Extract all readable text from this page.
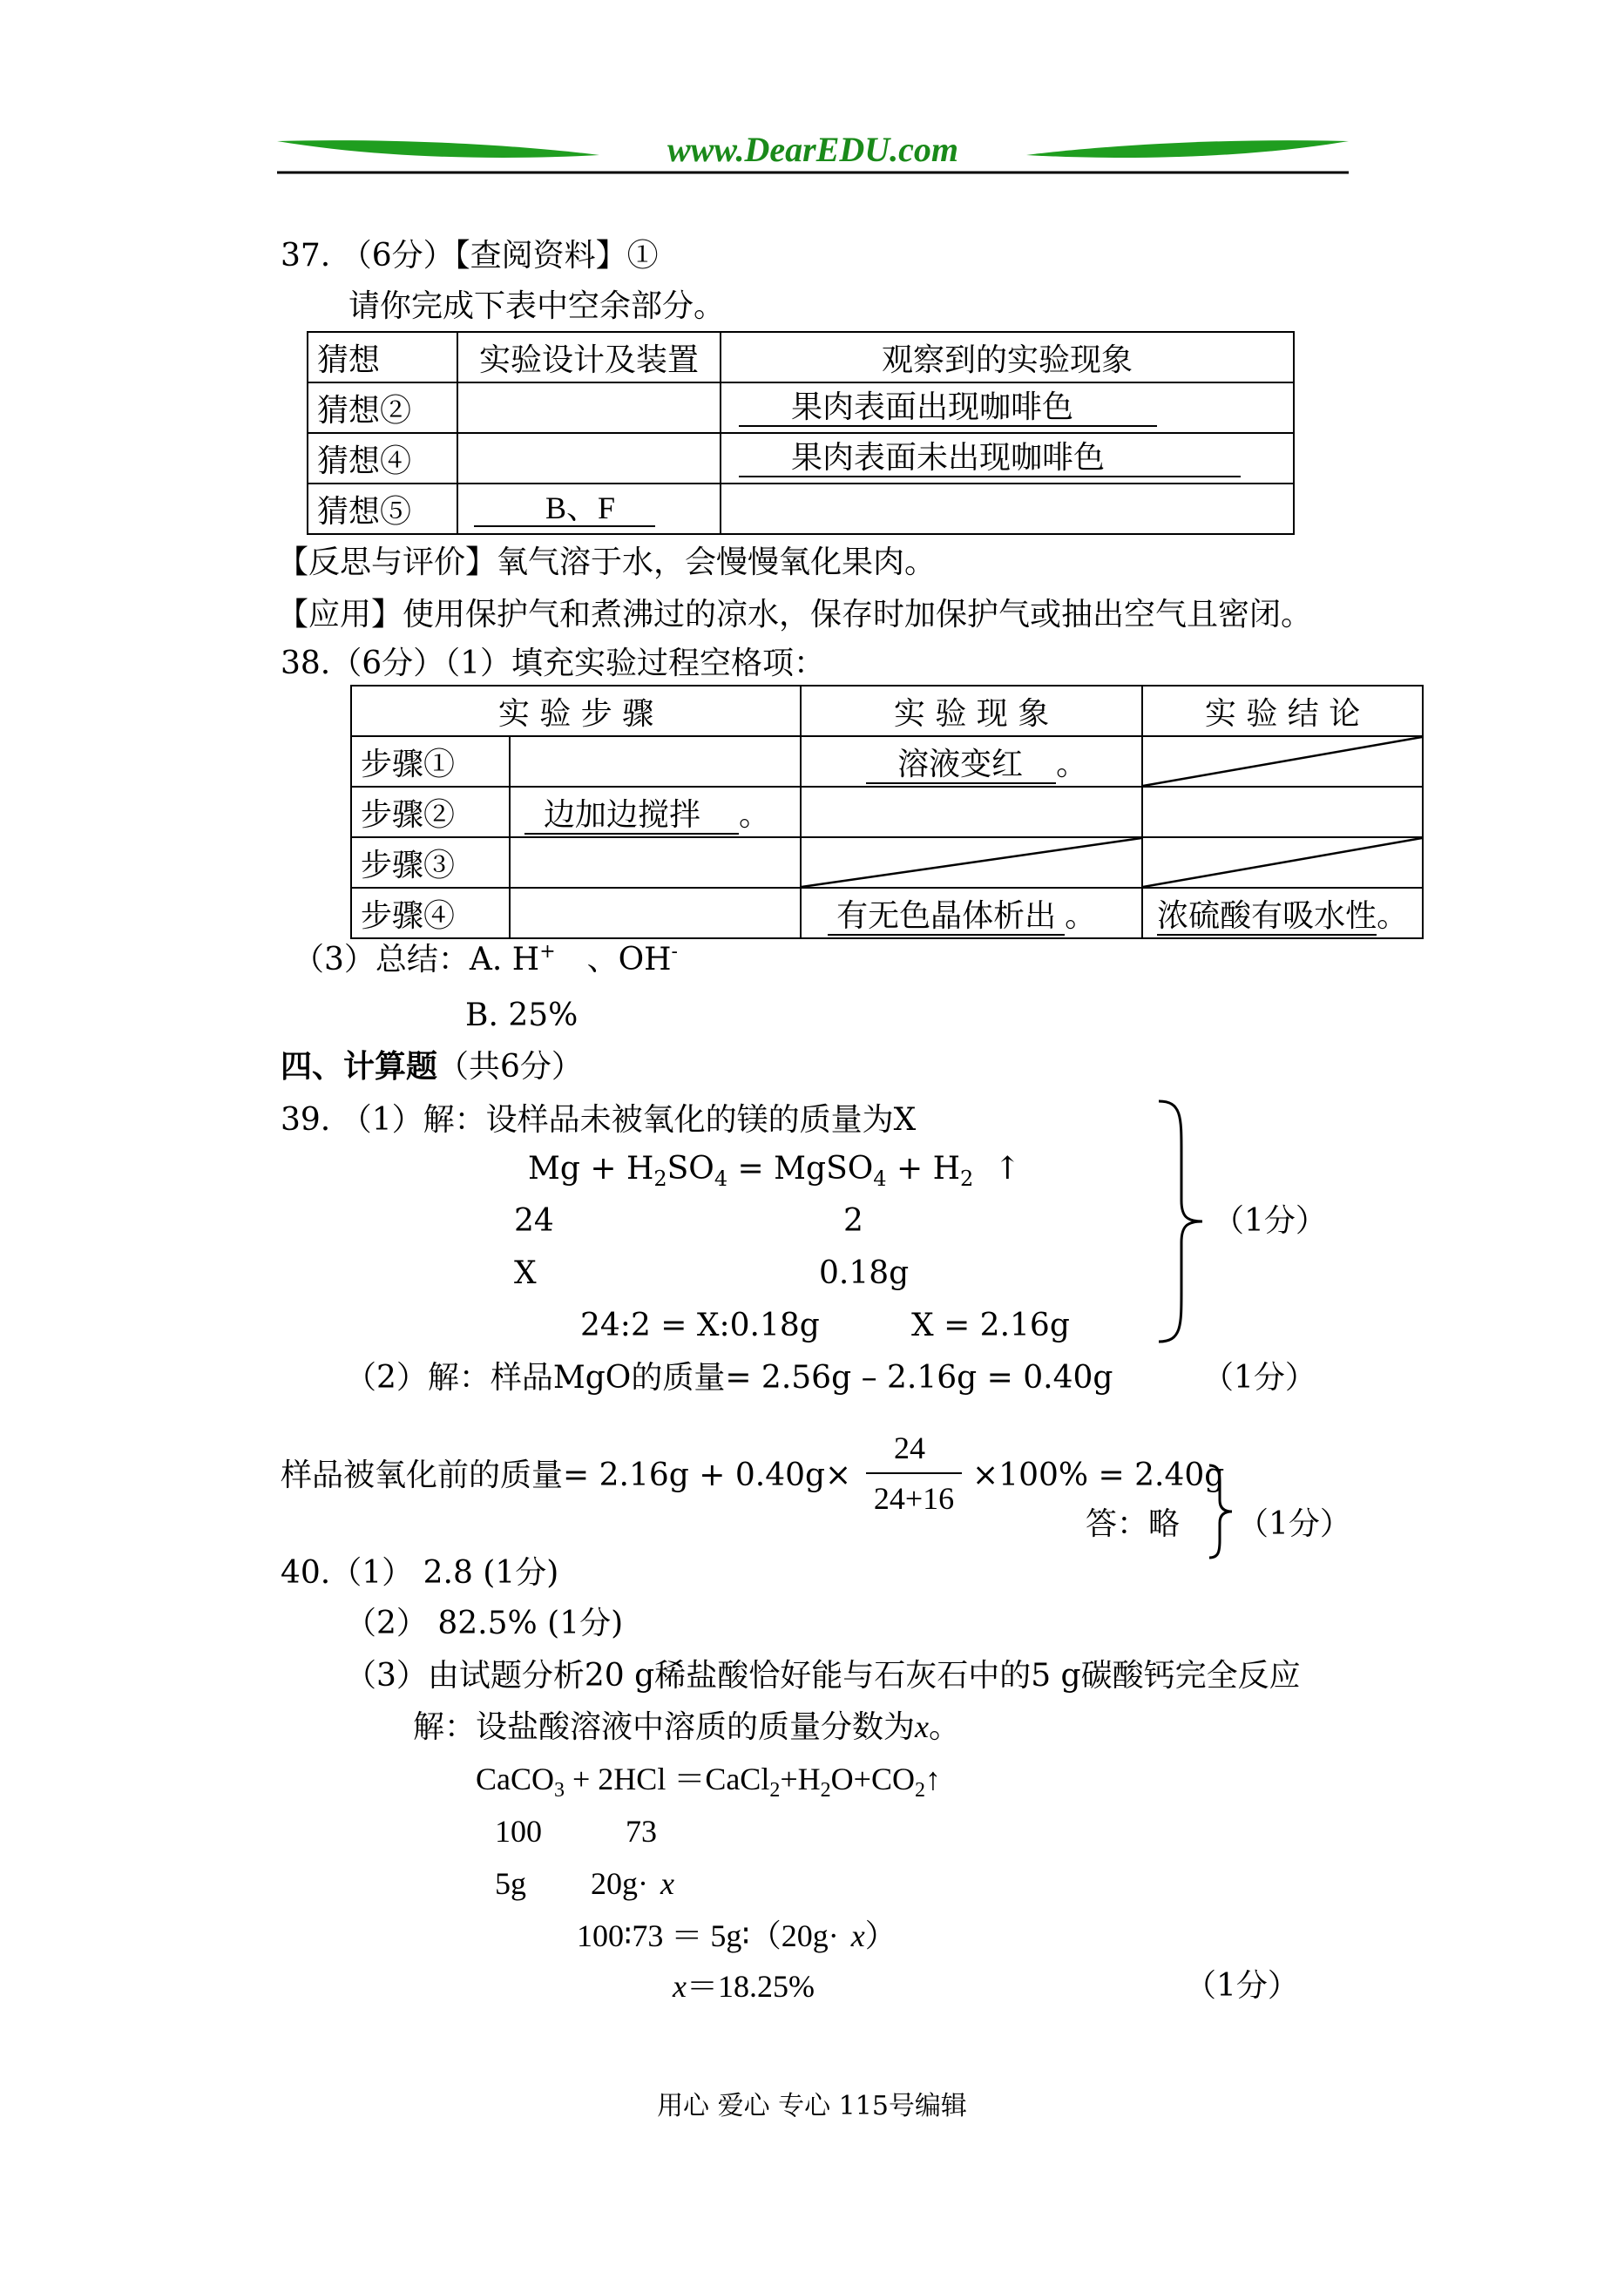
www.DearEDU.com
37. （6分）【查阅资料】①
请你完成下表中空余部分。
猜想	实验设计及装置	观察到的实验现象
猜想②		果肉表面出现咖啡色
猜想④		果肉表面未出现咖啡色
猜想⑤	B、F	
【反思与评价】氧气溶于水，会慢慢氧化果肉。
【应用】使用保护气和煮沸过的凉水，保存时加保护气或抽出空气且密闭。
38.（6分）（1）填充实验过程空格项：
实 验 步 骤		实 验 现 象	实 验 结 论
步骤①		溶液变红 。	
步骤②	边加边搅拌 。		
步骤③			
步骤④		有无色晶体析出 。	浓硫酸有吸水性。
（3）总结：A. H+ 、OH-
B. 25%
四、计算题（共6分）
39. （1）解：设样品未被氧化的镁的质量为X
$Mg + H_2SO_4$ = MgSO$_4$ + $H_2$ ↑
24	2
X	0.18g
24:2 = X:0.18g	X = 2.16g
（1分）
（2）解：样品MgO的质量= 2.56g – 2.16g = 0.40g	（1分）
样品被氧化前的质量= 2.16g + 0.40g×
24
24+16
×100% = 2.40g
答：略 （1分）
40.（1） 2.8 (1分)
（2） 82.5% (1分)
（3）由试题分析20 g稀盐酸恰好能与石灰石中的5 g碳酸钙完全反应
解：设盐酸溶液中溶质的质量分数为x。
CaCO$_3$ + $2HCl =CaCl_2+H_2O+CO_2↑$
100	73
5g 20g· x
100∶73 ＝ 5g∶（20g· x）
x＝18.25%	（1分）
用心 爱心 专心 115号编辑
